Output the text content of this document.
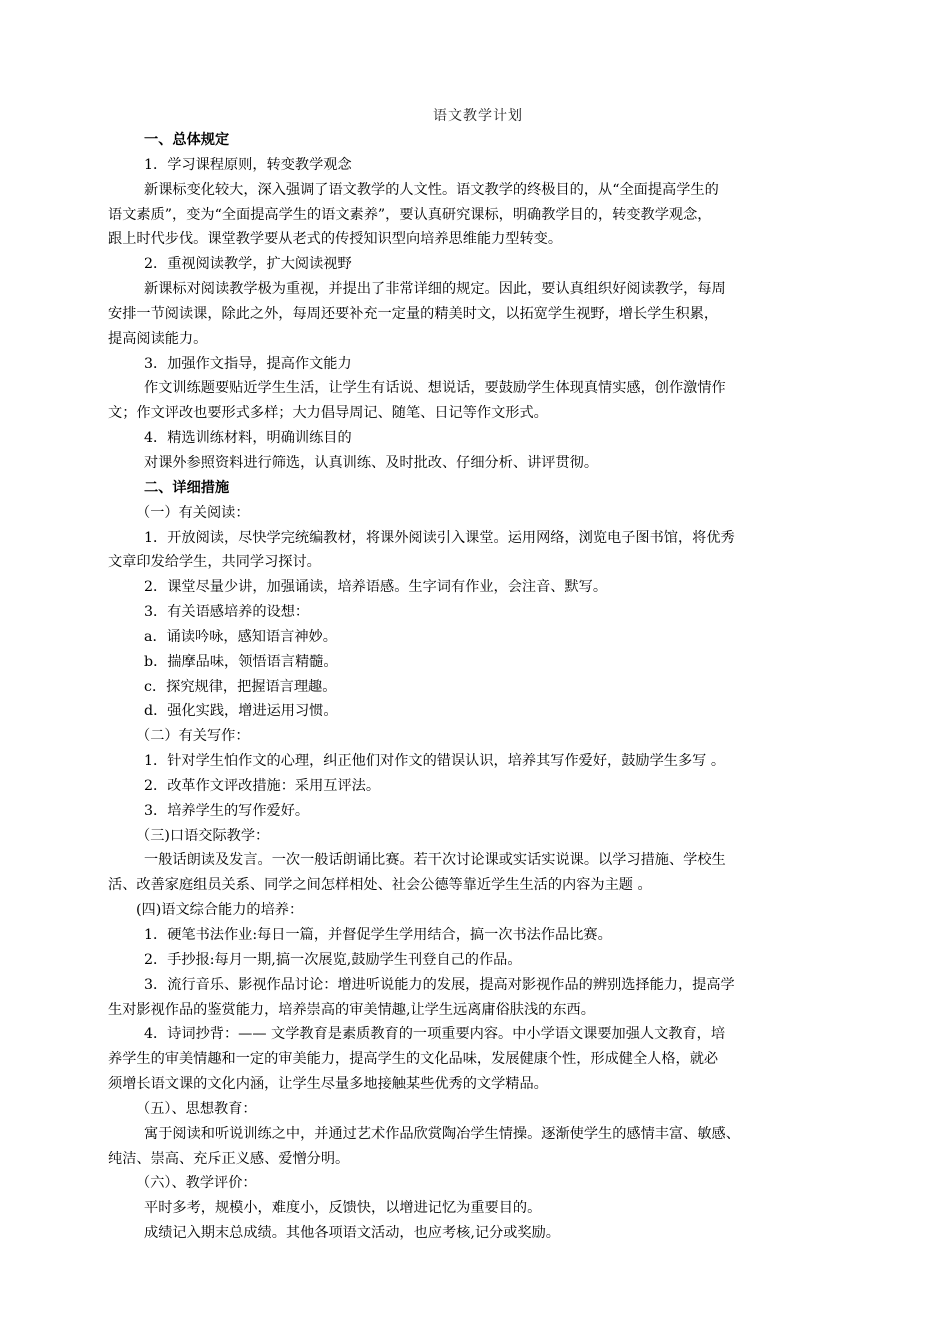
语文教学计划
一、总体规定
1．学习课程原则，转变教学观念
新课标变化较大，深入强调了语文教学的人文性。语文教学的终极目的，从“全面提高学生的
语文素质”，变为“全面提高学生的语文素养”，要认真研究课标，明确教学目的，转变教学观念，
跟上时代步伐。课堂教学要从老式的传授知识型向培养思维能力型转变。
2．重视阅读教学，扩大阅读视野
新课标对阅读教学极为重视，并提出了非常详细的规定。因此，要认真组织好阅读教学，每周
安排一节阅读课，除此之外，每周还要补充一定量的精美时文，以拓宽学生视野，增长学生积累，
提高阅读能力。
3．加强作文指导，提高作文能力
作文训练题要贴近学生生活，让学生有话说、想说话，要鼓励学生体现真情实感，创作激情作
文；作文评改也要形式多样；大力倡导周记、随笔、日记等作文形式。
4．精选训练材料，明确训练目的
对课外参照资料进行筛选，认真训练、及时批改、仔细分析、讲评贯彻。
二、详细措施
（一）有关阅读：
1．开放阅读，尽快学完统编教材，将课外阅读引入课堂。运用网络，浏览电子图书馆，将优秀
文章印发给学生，共同学习探讨。
2．课堂尽量少讲，加强诵读，培养语感。生字词有作业，会注音、默写。
3．有关语感培养的设想：
a．诵读吟咏，感知语言神妙。
b．揣摩品味，领悟语言精髓。
c．探究规律，把握语言理趣。
d．强化实践，增进运用习惯。
（二）有关写作：
1．针对学生怕作文的心理，纠正他们对作文的错误认识，培养其写作爱好，鼓励学生多写 。
2．改革作文评改措施：采用互评法。
3．培养学生的写作爱好。
（三)口语交际教学：
一般话朗读及发言。一次一般话朗诵比赛。若干次讨论课或实话实说课。以学习措施、学校生
活、改善家庭组员关系、同学之间怎样相处、社会公德等靠近学生生活的内容为主题 。
(四)语文综合能力的培养：
1．硬笔书法作业:每日一篇，并督促学生学用结合，搞一次书法作品比赛。
2．手抄报:每月一期,搞一次展览,鼓励学生刊登自己的作品。
3．流行音乐、影视作品讨论：增进听说能力的发展，提高对影视作品的辨别选择能力，提高学
生对影视作品的鉴赏能力，培养崇高的审美情趣,让学生远离庸俗肤浅的东西。
4．诗词抄背：—— 文学教育是素质教育的一项重要内容。中小学语文课要加强人文教育，培
养学生的审美情趣和一定的审美能力，提高学生的文化品味，发展健康个性，形成健全人格，就必
须增长语文课的文化内涵，让学生尽量多地接触某些优秀的文学精品。
（五）、思想教育：
寓于阅读和听说训练之中，并通过艺术作品欣赏陶冶学生情操。逐渐使学生的感情丰富、敏感、
纯洁、崇高、充斥正义感、爱憎分明。
（六）、教学评价：
平时多考，规模小，难度小，反馈快，以增进记忆为重要目的。
成绩记入期末总成绩。其他各项语文活动，也应考核,记分或奖励。
